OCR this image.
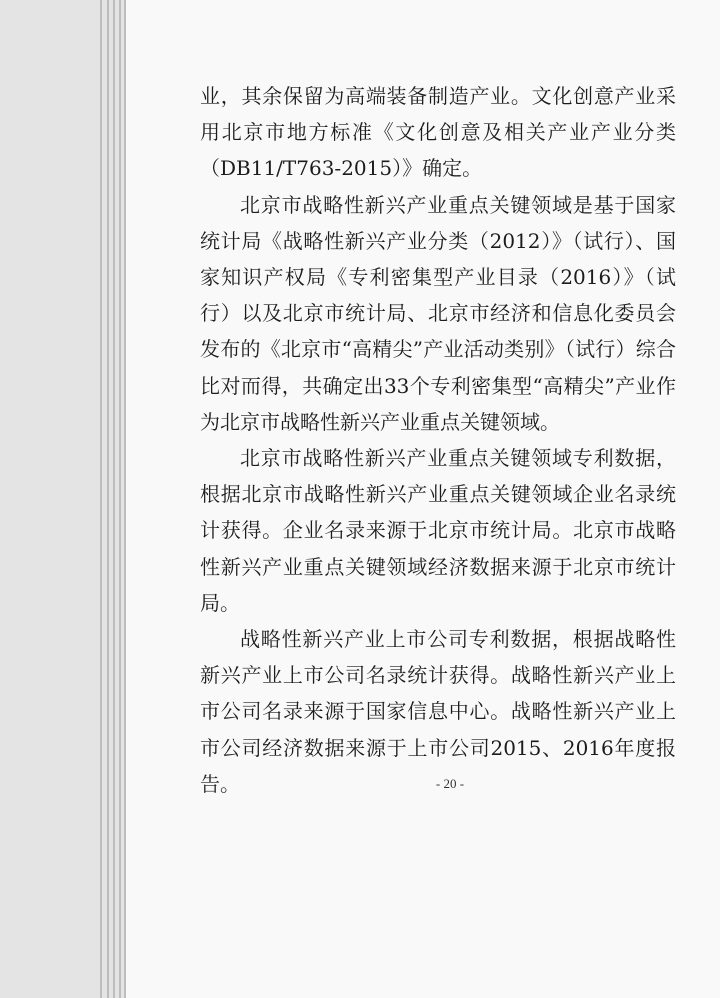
业，其余保留为高端装备制造产业。文化创意产业采用北京市地方标准《文化创意及相关产业产业分类（DB11/T763-2015）》确定。

北京市战略性新兴产业重点关键领域是基于国家统计局《战略性新兴产业分类（2012）》（试行）、国家知识产权局《专利密集型产业目录（2016）》（试行）以及北京市统计局、北京市经济和信息化委员会发布的《北京市“高精尖”产业活动类别》（试行）综合比对而得，共确定出33个专利密集型“高精尖”产业作为北京市战略性新兴产业重点关键领域。

北京市战略性新兴产业重点关键领域专利数据，根据北京市战略性新兴产业重点关键领域企业名录统计获得。企业名录来源于北京市统计局。北京市战略性新兴产业重点关键领域经济数据来源于北京市统计局。

战略性新兴产业上市公司专利数据，根据战略性新兴产业上市公司名录统计获得。战略性新兴产业上市公司名录来源于国家信息中心。战略性新兴产业上市公司经济数据来源于上市公司2015、2016年度报告。	- 20 -
